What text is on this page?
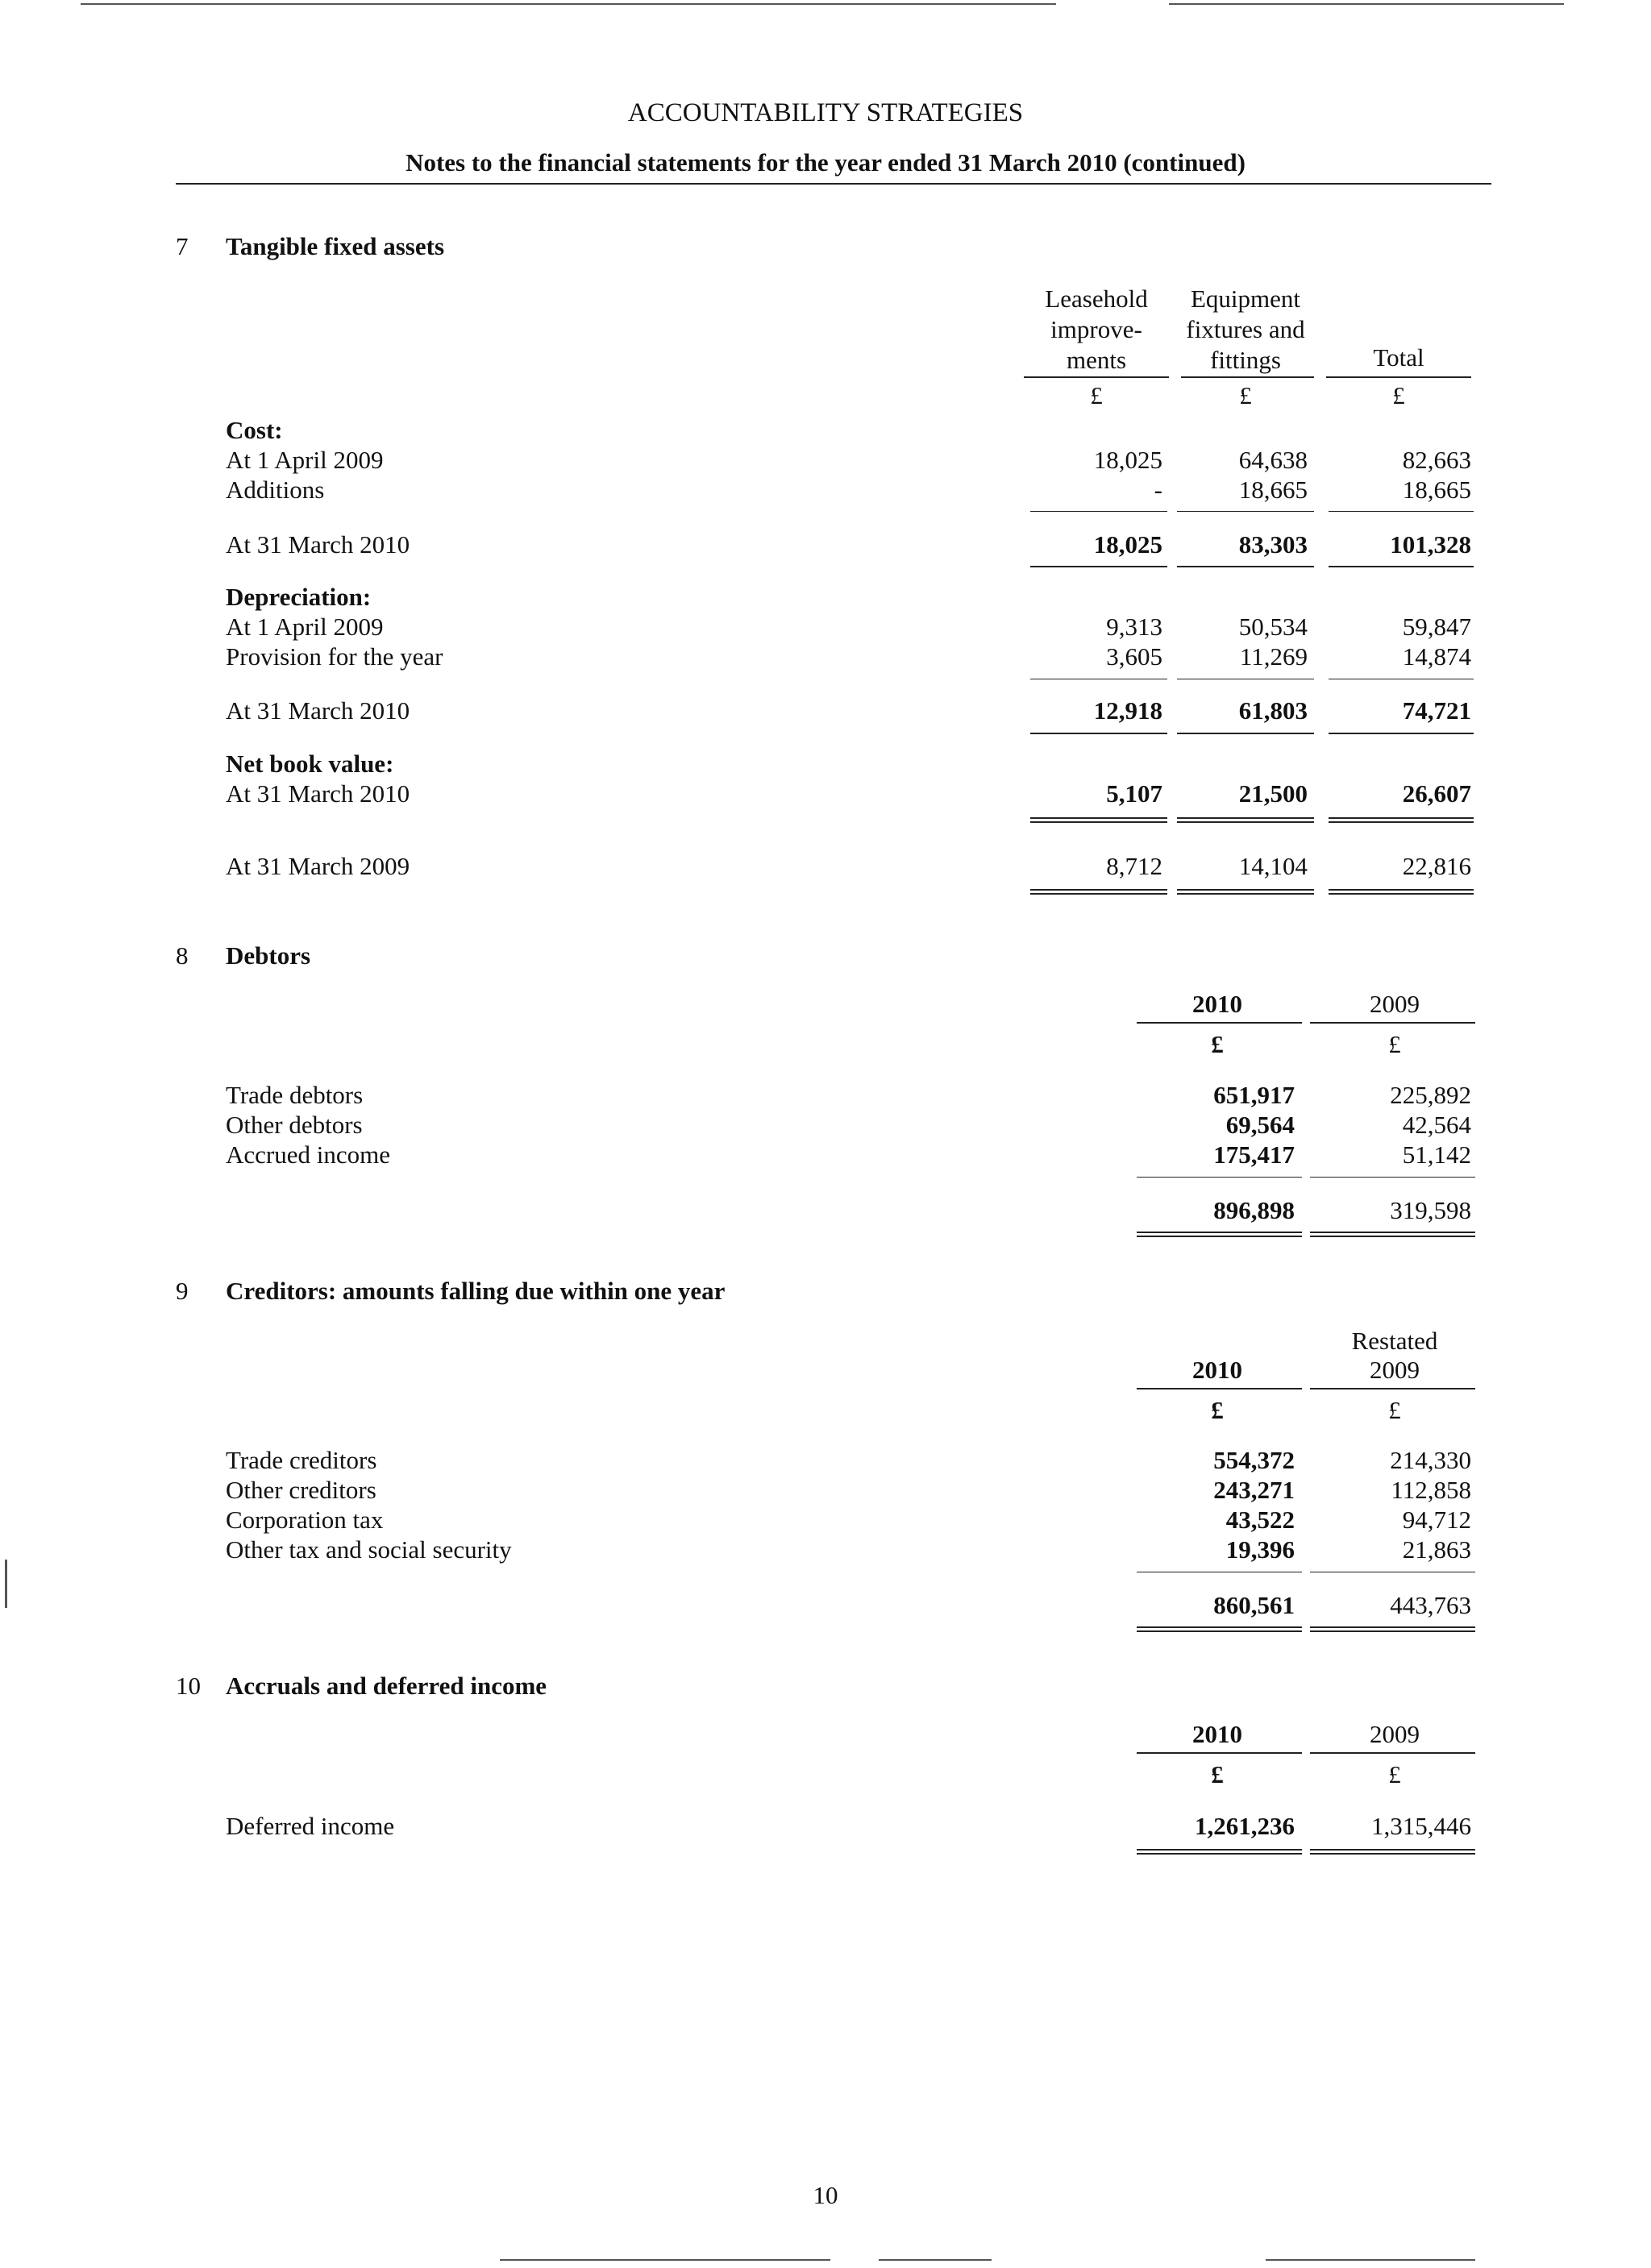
ACCOUNTABILITY STRATEGIES
Notes to the financial statements for the year ended 31 March 2010 (continued)
7 Tangible fixed assets
Leasehold
improve-
ments
Equipment
fixtures and
fittings	Total
£	£	£
Cost:
At 1 April 2009	18,025	64,638	82,663
Additions	-	18,665	18,665
At 31 March 2010	18,025	83,303	101,328
Depreciation:
At 1 April 2009	9,313	50,534	59,847
Provision for the year	3,605	11,269	14,874
At 31 March 2010	12,918	61,803	74,721
Net book value:
At 31 March 2010	5,107	21,500	26,607
At 31 March 2009	8,712	14,104	22,816
8 Debtors
2010	2009
£	£
Trade debtors	651,917	225,892
Other debtors	69,564	42,564
Accrued income	175,417	51,142
896,898	319,598
9 Creditors: amounts falling due within one year
Restated
2010	2009
£	£
Trade creditors	554,372	214,330
Other creditors	243,271	112,858
Corporation tax	43,522	94,712
Other tax and social security	19,396	21,863
860,561	443,763
10 Accruals and deferred income
2010	2009
£	£
Deferred income	1,261,236	1,315,446
10
